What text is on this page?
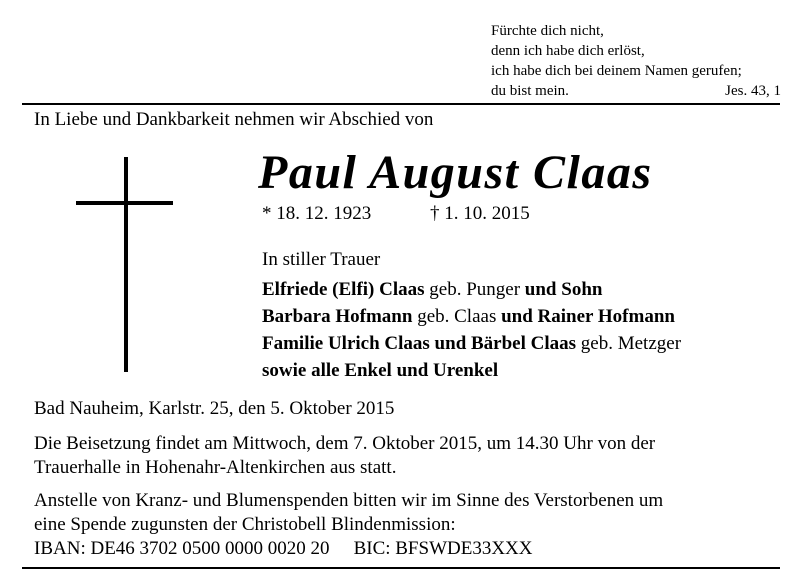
Fürchte dich nicht,
denn ich habe dich erlöst,
ich habe dich bei deinem Namen gerufen;
du bist mein.	Jes. 43, 1
In Liebe und Dankbarkeit nehmen wir Abschied von
Paul August Claas
* 18. 12. 1923	† 1. 10. 2015
In stiller Trauer
Elfriede (Elfi) Claas geb. Punger und Sohn
Barbara Hofmann geb. Claas und Rainer Hofmann
Familie Ulrich Claas und Bärbel Claas geb. Metzger
sowie alle Enkel und Urenkel
Bad Nauheim, Karlstr. 25, den 5. Oktober 2015
Die Beisetzung findet am Mittwoch, dem 7. Oktober 2015, um 14.30 Uhr von der
Trauerhalle in Hohenahr-Altenkirchen aus statt.
Anstelle von Kranz- und Blumenspenden bitten wir im Sinne des Verstorbenen um
eine Spende zugunsten der Christobell Blindenmission:
IBAN: DE46 3702 0500 0000 0020 20 BIC: BFSWDE33XXX
